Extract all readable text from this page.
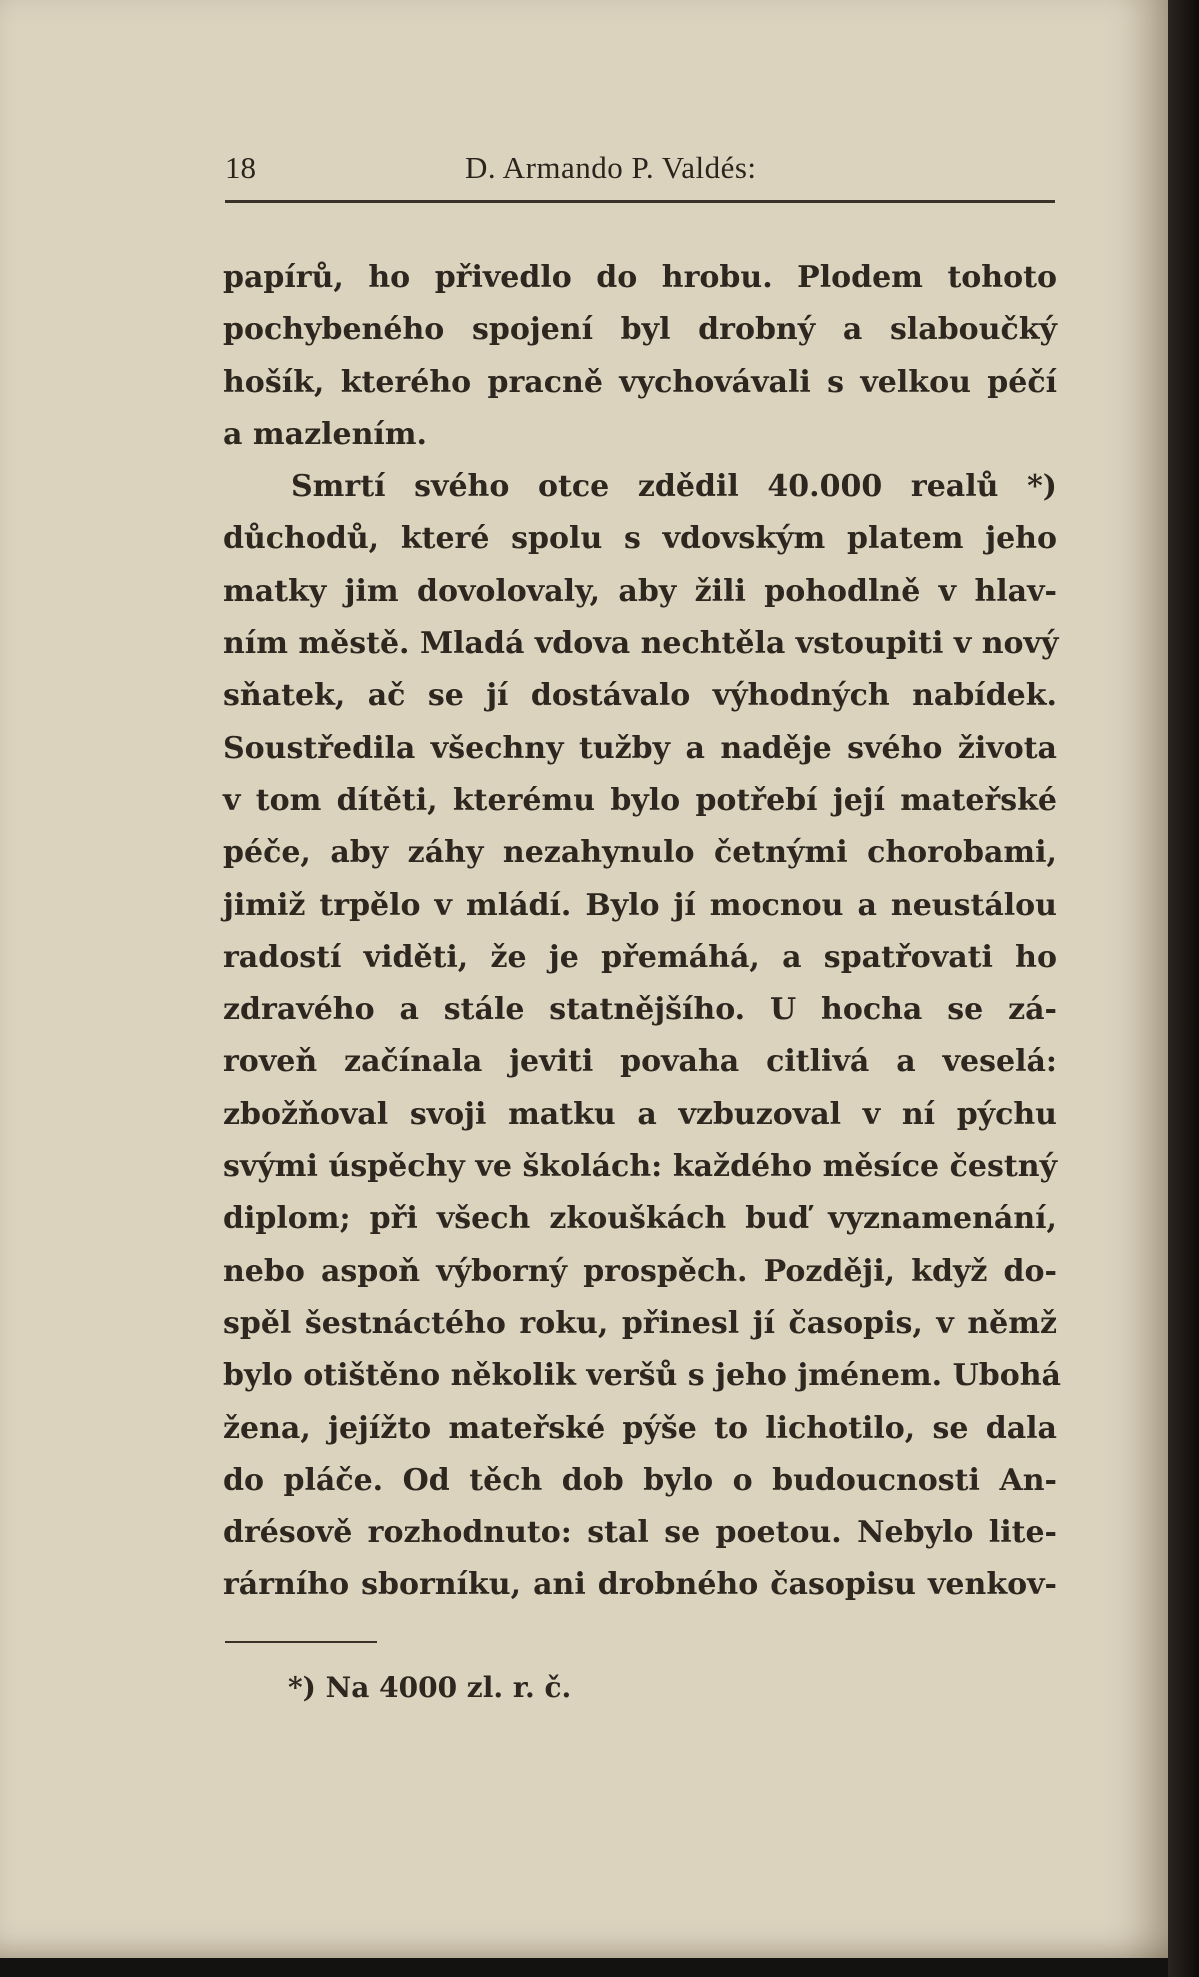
18	D. Armando P. Valdés:
papírů, ho přivedlo do hrobu. Plodem tohoto
pochybeného spojení byl drobný a slaboučký
hošík, kterého pracně vychovávali s velkou péčí
a mazlením.
Smrtí svého otce zdědil 40.000 realů *)
důchodů, které spolu s vdovským platem jeho
matky jim dovolovaly, aby žili pohodlně v hlav-
ním městě. Mladá vdova nechtěla vstoupiti v nový
sňatek, ač se jí dostávalo výhodných nabídek.
Soustředila všechny tužby a naděje svého života
v tom dítěti, kterému bylo potřebí její mateřské
péče, aby záhy nezahynulo četnými chorobami,
jimiž trpělo v mládí. Bylo jí mocnou a neustálou
radostí viděti, že je přemáhá, a spatřovati ho
zdravého a stále statnějšího. U hocha se zá-
roveň začínala jeviti povaha citlivá a veselá:
zbožňoval svoji matku a vzbuzoval v ní pýchu
svými úspěchy ve školách: každého měsíce čestný
diplom; při všech zkouškách buď vyznamenání,
nebo aspoň výborný prospěch. Později, když do-
spěl šestnáctého roku, přinesl jí časopis, v němž
bylo otištěno několik veršů s jeho jménem. Ubohá
žena, jejížto mateřské pýše to lichotilo, se dala
do pláče. Od těch dob bylo o budoucnosti An-
drésově rozhodnuto: stal se poetou. Nebylo lite-
rárního sborníku, ani drobného časopisu venkov-
*) Na 4000 zl. r. č.
